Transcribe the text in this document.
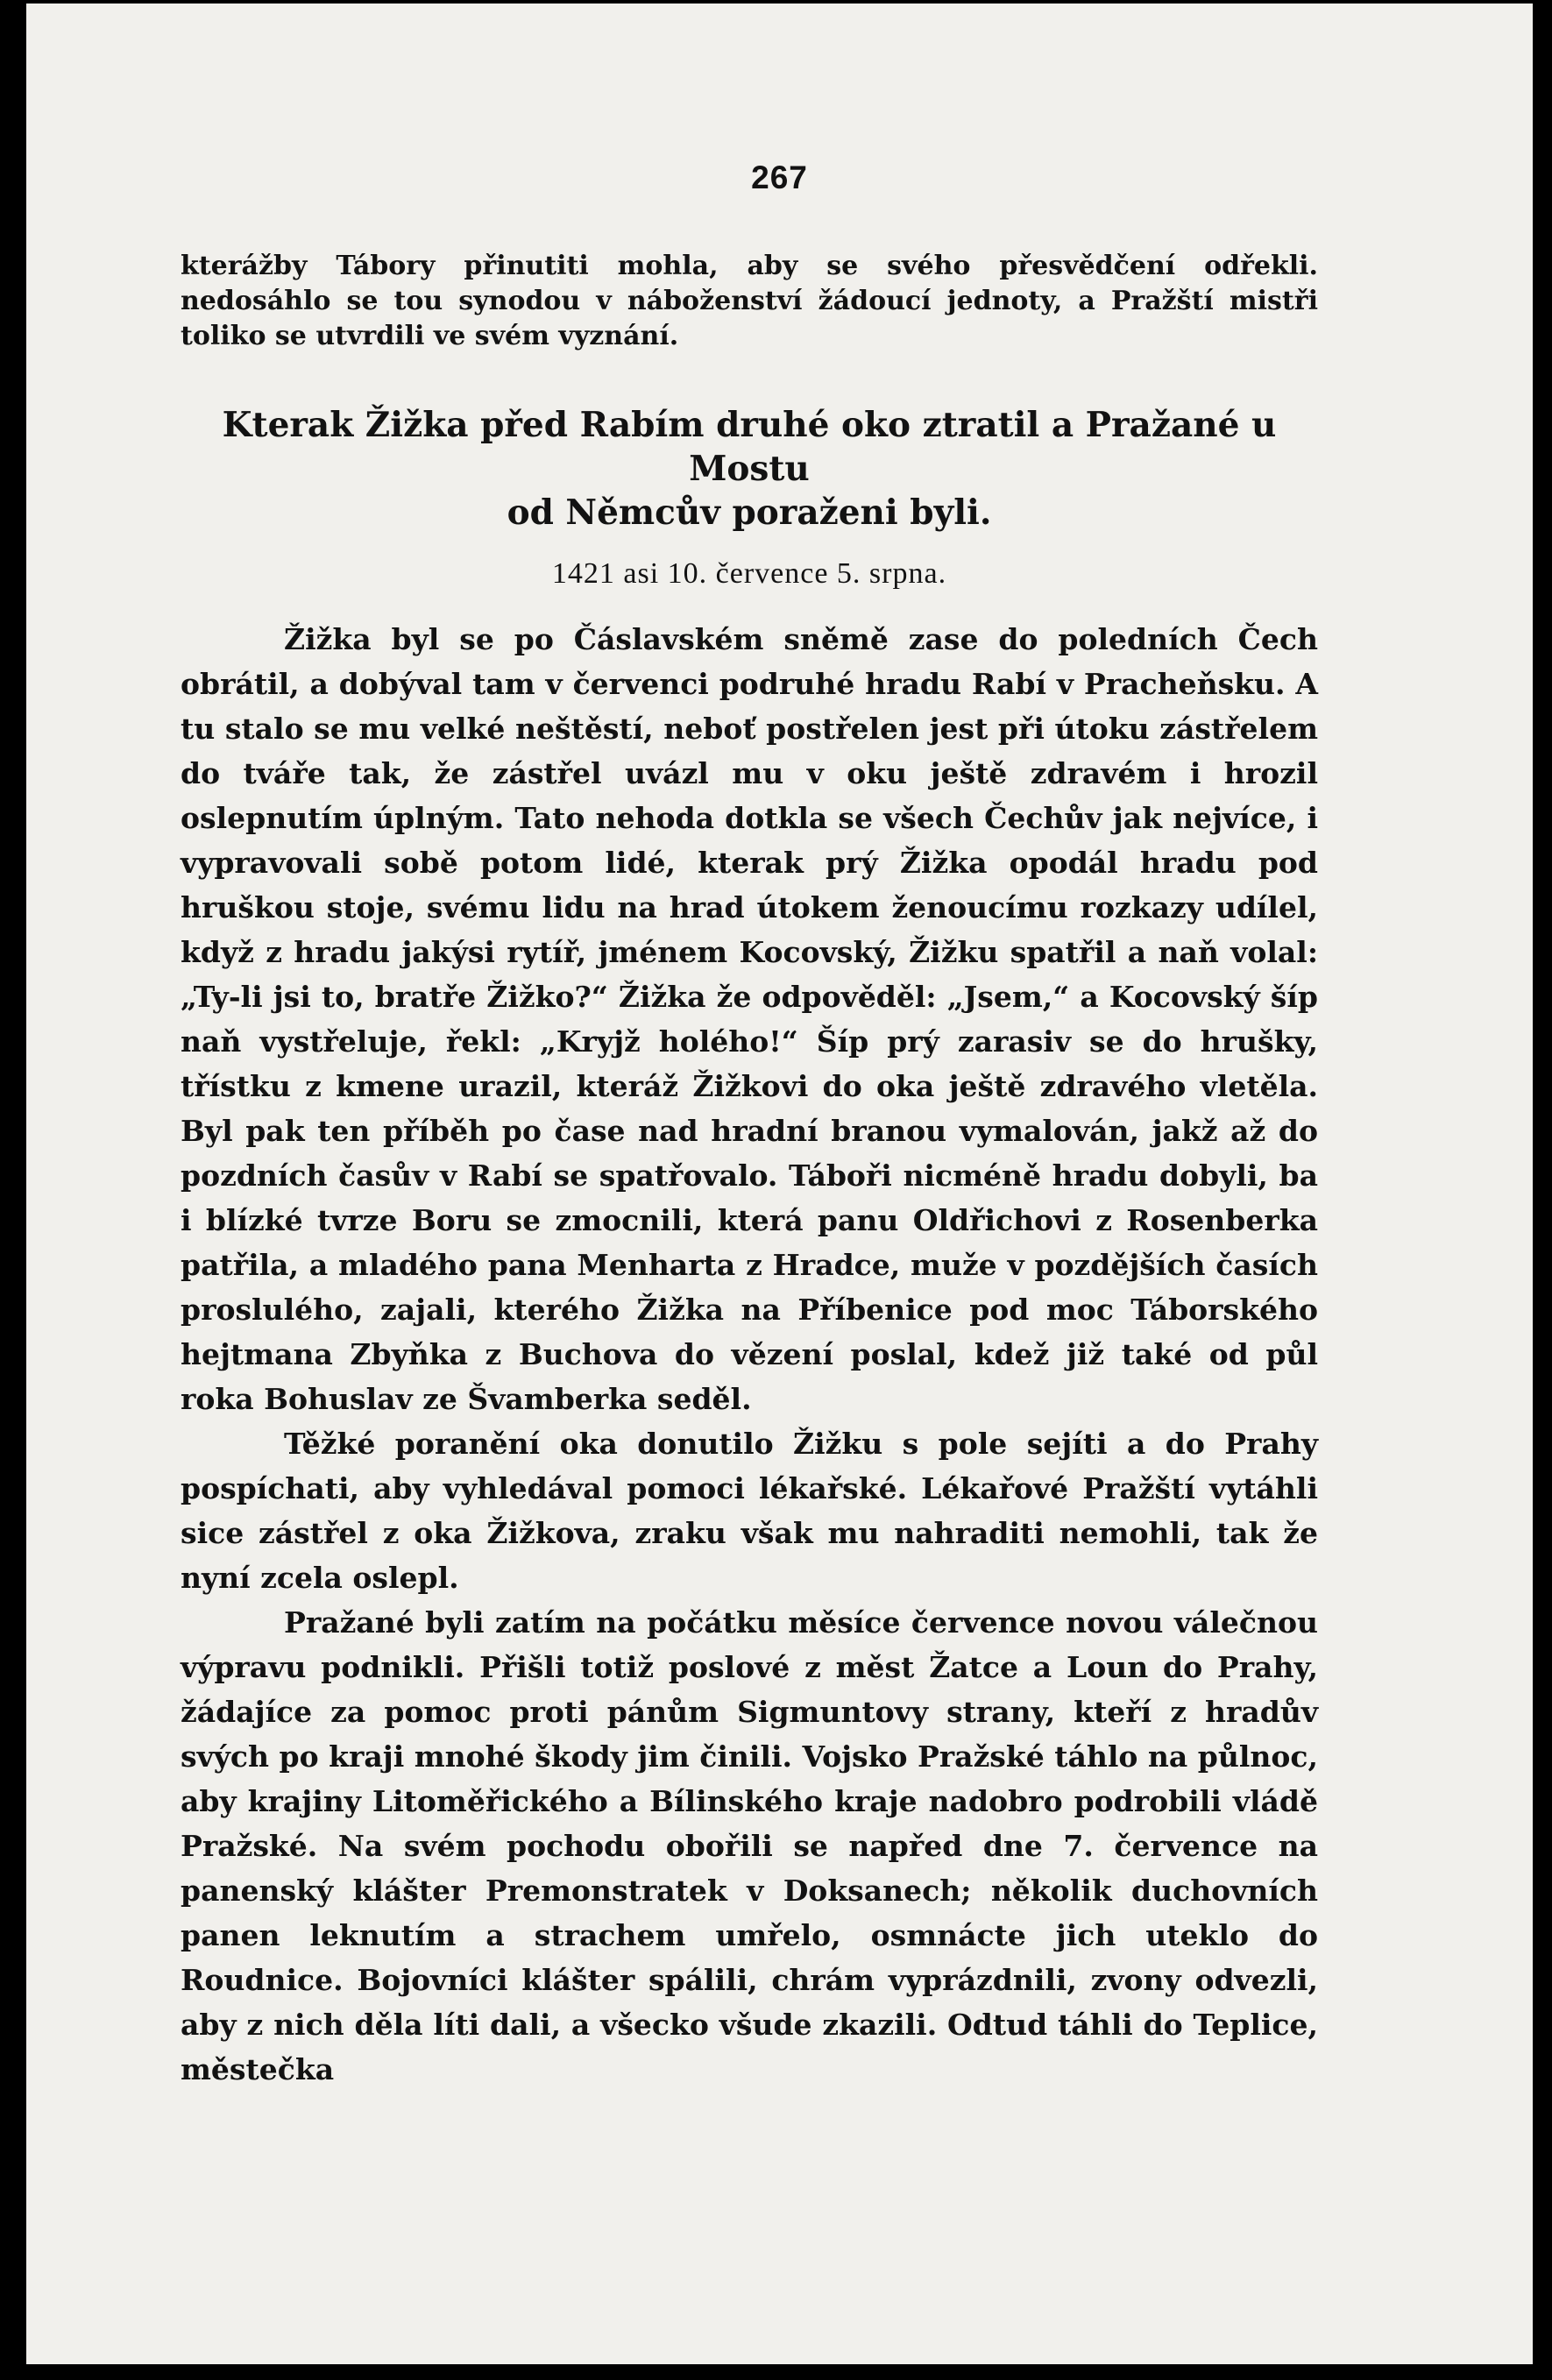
267

kterážby Tábory přinutiti mohla, aby se svého přesvědčení odřekli. nedosáhlo se tou synodou v náboženství žádoucí jednoty, a Pražští mistři toliko se utvrdili ve svém vyznání.

Kterak Žižka před Rabím druhé oko ztratil a Pražané u Mostu
od Němcův poraženi byli.
1421 asi 10. července 5. srpna.

Žižka byl se po Čáslavském sněmě zase do poledních Čech obrátil, a dobýval tam v červenci podruhé hradu Rabí v Prachеňsku. A tu stalo se mu velké neštěstí, neboť postřelen jest při útoku zástřelem do tváře tak, že zástřel uvázl mu v oku ještě zdravém i hrozil oslepnutím úplným. Tato nehoda dotkla se všech Čechův jak nejvíce, i vypravovali sobě potom lidé, kterak prý Žižka opodál hradu pod hruškou stoje, svému lidu na hrad útokem ženoucímu rozkazy udílel, když z hradu jakýsi rytíř, jménem Kocovský, Žižku spatřil a naň volal: „Ty-li jsi to, bratře Žižko?“ Žižka že odpověděl: „Jsem,“ a Kocovský šíp naň vystřeluje, řekl: „Kryjž holého!“ Šíp prý zarasiv se do hrušky, třístku z kmene urazil, kteráž Žižkovi do oka ještě zdravého vletěla. Byl pak ten příběh po čase nad hradní branou vymalován, jakž až do pozdních časův v Rabí se spatřovalo. Táboři nicméně hradu dobyli, ba i blízké tvrze Boru se zmocnili, která panu Oldřichovi z Rosenberka patřila, a mladého pana Menharta z Hradce, muže v pozdějších časích proslulého, zajali, kteréhо Žižka na Příbenice pod moc Táborského hejtmana Zbyňka z Buchova do vězení poslal, kdež již také od půl roka Bohuslav ze Švamberka seděl.

Těžké poranění oka donutilo Žižku s pole sejíti a do Prahy pospíchati, aby vyhledával pomoci lékařské. Lékařové Pražští vytáhli sice zástřel z oka Žižkova, zraku však mu nahraditi nemohli, tak že nyní zcela oslepl.

Pražané byli zatím na počátku měsíce července novou válečnou výpravu podnikli. Přišli totiž poslové z měst Žatce a Loun do Prahy, žádajíce za pomoc proti pánům Sigmuntovy strany, kteří z hradův svých po kraji mnohé škody jim činili. Vojsko Pražské táhlo na půlnoc, aby krajiny Litoměřického a Bílinského kraje nadobro podrobili vládě Pražské. Na svém pochodu obořili se napřed dne 7. července na panenský klášter Premonstratek v Doksanech; několik duchovních panen leknutím a strachem umřelo, osmnácte jich uteklo do Roudnice. Bojovníci klášter spálili, chrám vyprázdnili, zvony odvezli, aby z nich děla líti dali, a všecko všude zkazili. Odtud táhli do Teplice, městečka
